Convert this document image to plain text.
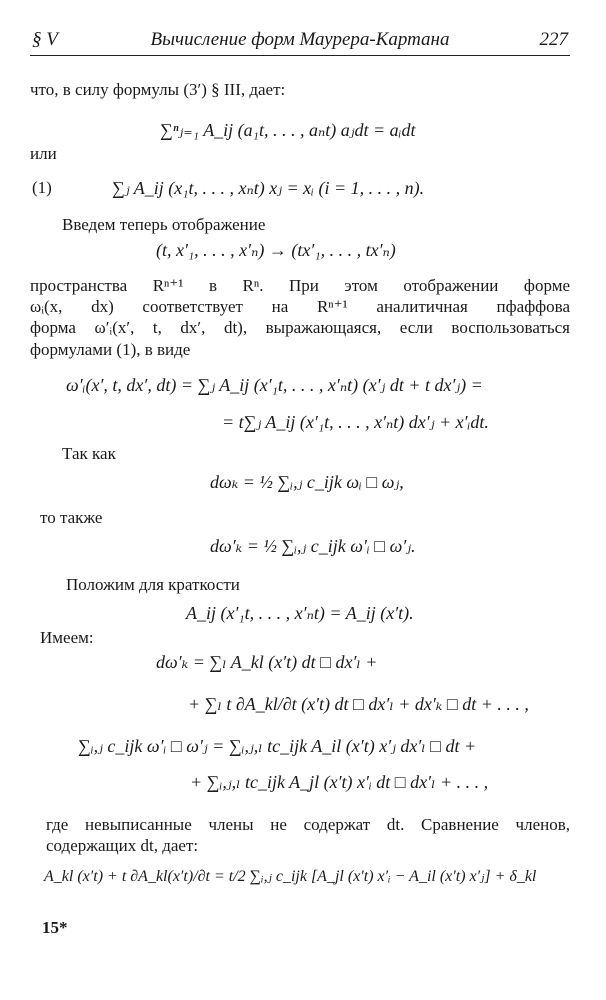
§ V	Вычисление форм Маурера-Картана	227
что, в силу формулы (3′) § III, дает:
∑ⁿⱼ₌₁ A_ij (a₁t, . . . , aₙt) aⱼdt = aᵢdt
или
(1)	∑ⱼ A_ij (x₁t, . . . , xₙt) xⱼ = xᵢ (i = 1, . . . , n).
Введем теперь отображение
(t, x′₁, . . . , x′ₙ) → (tx′₁, . . . , tx′ₙ)
пространства Rⁿ⁺¹ в Rⁿ. При этом отображении форме
ωᵢ(x, dx) соответствует на Rⁿ⁺¹ аналитичная пфаффова
форма ω′ᵢ(x′, t, dx′, dt), выражающаяся, если воспользоваться
формулами (1), в виде
ω′ᵢ(x′, t, dx′, dt) = ∑ⱼ A_ij (x′₁t, . . . , x′ₙt) (x′ⱼ dt + t dx′ⱼ) =
= t∑ⱼ A_ij (x′₁t, . . . , x′ₙt) dx′ⱼ + x′ᵢdt.
Так как
dωₖ = ½ ∑ᵢ,ⱼ c_ijk ωᵢ □ ωⱼ,
то также
dω′ₖ = ½ ∑ᵢ,ⱼ c_ijk ω′ᵢ □ ω′ⱼ.
Положим для краткости
A_ij (x′₁t, . . . , x′ₙt) = A_ij (x′t).
Имеем:
dω′ₖ = ∑ₗ A_kl (x′t) dt □ dx′ₗ +
+ ∑ₗ t ∂A_kl/∂t (x′t) dt □ dx′ₗ + dx′ₖ □ dt + . . . ,
∑ᵢ,ⱼ c_ijk ω′ᵢ □ ω′ⱼ = ∑ᵢ,ⱼ,ₗ tc_ijk A_il (x′t) x′ⱼ dx′ₗ □ dt +
+ ∑ᵢ,ⱼ,ₗ tc_ijk A_jl (x′t) x′ᵢ dt □ dx′ₗ + . . . ,
где невыписанные члены не содержат dt. Сравнение членов,
содержащих dt, дает:
A_kl (x′t) + t ∂A_kl(x′t)/∂t = t/2 ∑ᵢ,ⱼ c_ijk [A_jl (x′t) x′ᵢ − A_il (x′t) x′ⱼ] + δ_kl
15*
